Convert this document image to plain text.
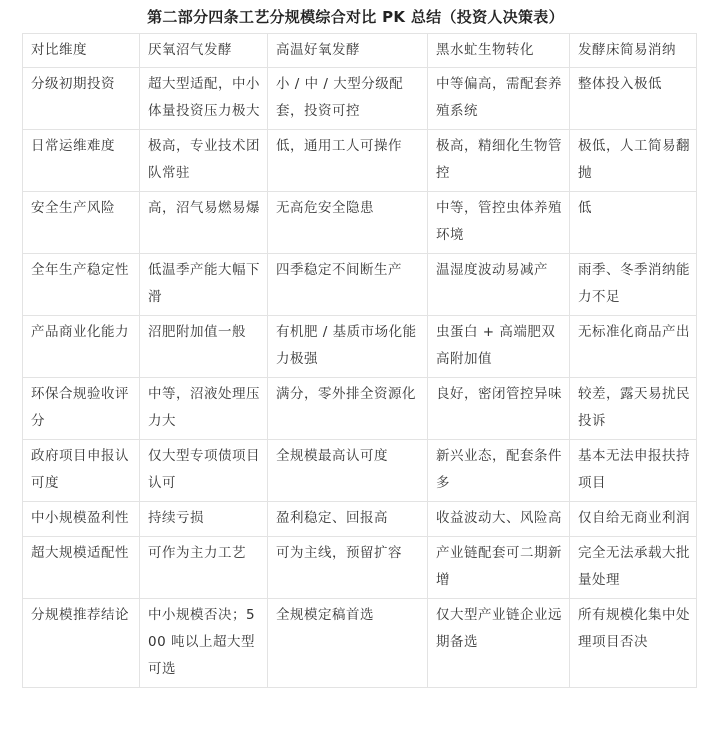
第二部分四条工艺分规模综合对比 PK 总结（投资人决策表）
对比维度	厌氧沼气发酵	高温好氧发酵	黑水虻生物转化	发酵床简易消纳
分级初期投资	超大型适配，中小体量投资压力极大	小 / 中 / 大型分级配套，投资可控	中等偏高，需配套养殖系统	整体投入极低
日常运维难度	极高，专业技术团队常驻	低，通用工人可操作	极高，精细化生物管控	极低，人工简易翻抛
安全生产风险	高，沼气易燃易爆	无高危安全隐患	中等，管控虫体养殖环境	低
全年生产稳定性	低温季产能大幅下滑	四季稳定不间断生产	温湿度波动易减产	雨季、冬季消纳能力不足
产品商业化能力	沼肥附加值一般	有机肥 / 基质市场化能力极强	虫蛋白 + 高端肥双高附加值	无标准化商品产出
环保合规验收评分	中等，沼液处理压力大	满分，零外排全资源化	良好，密闭管控异味	较差，露天易扰民投诉
政府项目申报认可度	仅大型专项债项目认可	全规模最高认可度	新兴业态，配套条件多	基本无法申报扶持项目
中小规模盈利性	持续亏损	盈利稳定、回报高	收益波动大、风险高	仅自给无商业利润
超大规模适配性	可作为主力工艺	可为主线，预留扩容	产业链配套可二期新增	完全无法承载大批量处理
分规模推荐结论	中小规模否决；500 吨以上超大型可选	全规模定稿首选	仅大型产业链企业远期备选	所有规模化集中处理项目否决
